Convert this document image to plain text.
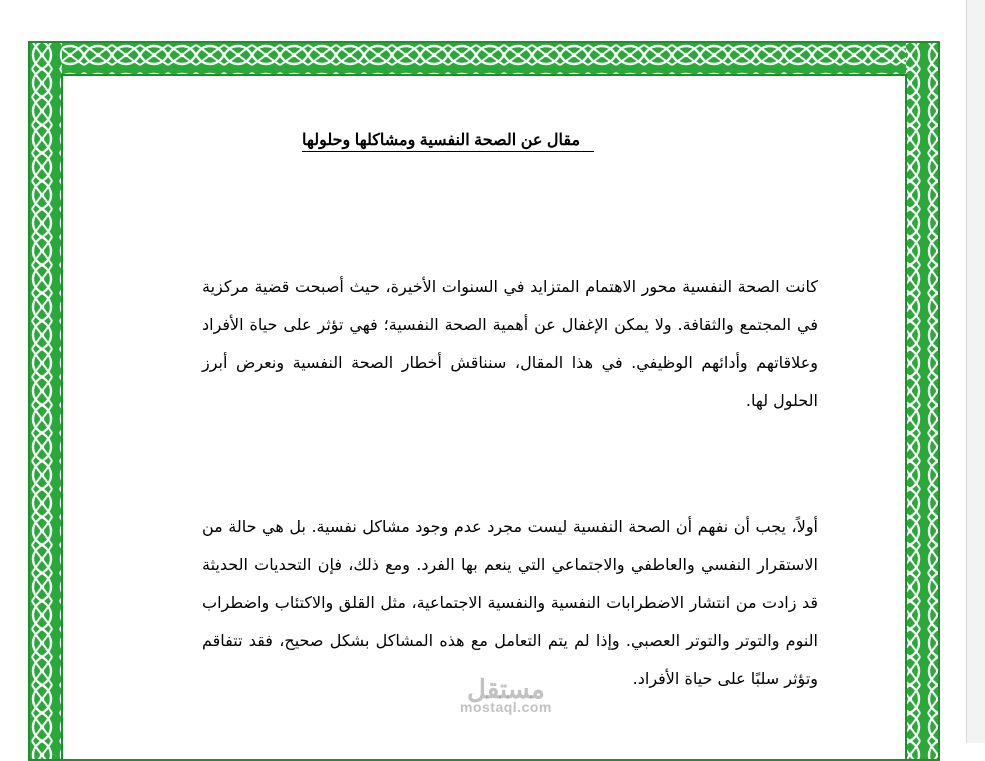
مقال عن الصحة النفسية ومشاكلها وحلولها

كانت الصحة النفسية محور الاهتمام المتزايد في السنوات الأخيرة، حيث أصبحت قضية مركزية في المجتمع والثقافة. ولا يمكن الإغفال عن أهمية الصحة النفسية؛ فهي تؤثر على حياة الأفراد وعلاقاتهم وأدائهم الوظيفي. في هذا المقال، سنناقش أخطار الصحة النفسية ونعرض أبرز الحلول لها.

أولاً، يجب أن نفهم أن الصحة النفسية ليست مجرد عدم وجود مشاكل نفسية. بل هي حالة من الاستقرار النفسي والعاطفي والاجتماعي التي ينعم بها الفرد. ومع ذلك، فإن التحديات الحديثة قد زادت من انتشار الاضطرابات النفسية والنفسية الاجتماعية، مثل القلق والاكتئاب واضطراب النوم والتوتر والتوتر العصبي. وإذا لم يتم التعامل مع هذه المشاكل بشكل صحيح، فقد تتفاقم وتؤثر سلبًا على حياة الأفراد.

مستقل
mostaql.com
